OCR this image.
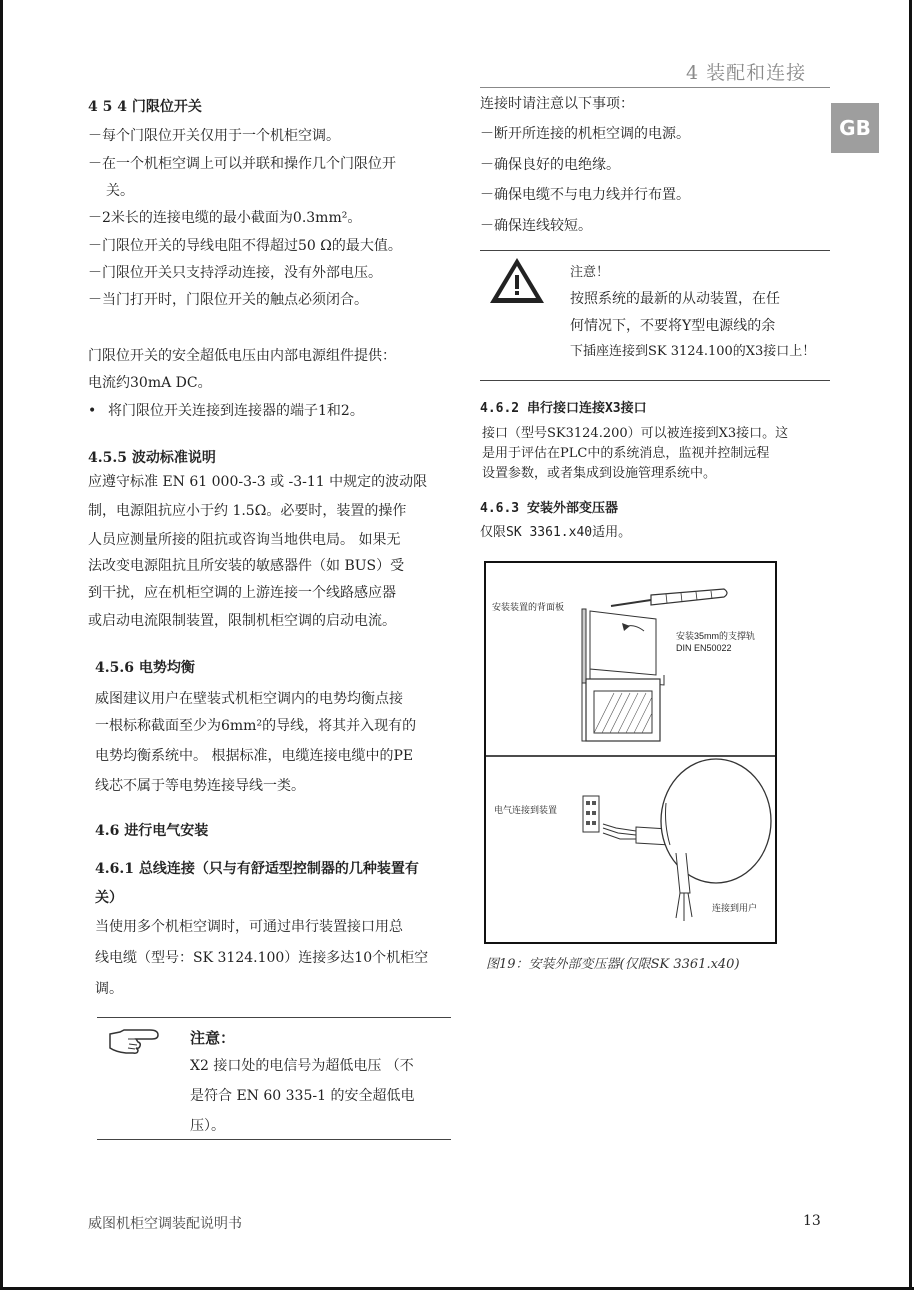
4 装配和连接
GB
4 5 4 门限位开关
－每个门限位开关仅用于一个机柜空调。
－在一个机柜空调上可以并联和操作几个门限位开
关。
－2米长的连接电缆的最小截面为0.3mm²。
－门限位开关的导线电阻不得超过50 Ω的最大值。
－门限位开关只支持浮动连接，没有外部电压。
－当门打开时，门限位开关的触点必须闭合。
门限位开关的安全超低电压由内部电源组件提供：
电流约30mA DC。
• 将门限位开关连接到连接器的端子1和2。
4.5.5 波动标准说明
应遵守标准 EN 61 000-3-3 或 -3-11 中规定的波动限
制，电源阻抗应小于约 1.5Ω。必要时，装置的操作
人员应测量所接的阻抗或咨询当地供电局。 如果无
法改变电源阻抗且所安装的敏感器件（如 BUS）受
到干扰，应在机柜空调的上游连接一个线路感应器
或启动电流限制装置，限制机柜空调的启动电流。
4.5.6 电势均衡
威图建议用户在壁装式机柜空调内的电势均衡点接
一根标称截面至少为6mm²的导线，将其并入现有的
电势均衡系统中。 根据标准，电缆连接电缆中的PE
线芯不属于等电势连接导线一类。
4.6 进行电气安装
4.6.1 总线连接（只与有舒适型控制器的几种装置有
关）
当使用多个机柜空调时，可通过串行装置接口用总
线电缆（型号：SK 3124.100）连接多达10个机柜空
调。
注意：
X2 接口处的电信号为超低电压 （不
是符合 EN 60 335-1 的安全超低电
压）。
连接时请注意以下事项：
－断开所连接的机柜空调的电源。
－确保良好的电绝缘。
－确保电缆不与电力线并行布置。
－确保连线较短。
注意！
按照系统的最新的从动装置，在任
何情况下，不要将Y型电源线的余
下插座连接到SK 3124.100的X3接口上！
4.6.2 串行接口连接X3接口
接口（型号SK3124.200）可以被连接到X3接口。这
是用于评估在PLC中的系统消息，监视并控制远程
设置参数，或者集成到设施管理系统中。
4.6.3 安装外部变压器
仅限SK 3361.x40适用。
安装装置的背面板
安装35mm的支撑轨
DIN EN50022
电气连接到装置
连接到用户
图19：安装外部变压器(仅限SK 3361.x40)
威图机柜空调装配说明书	13
